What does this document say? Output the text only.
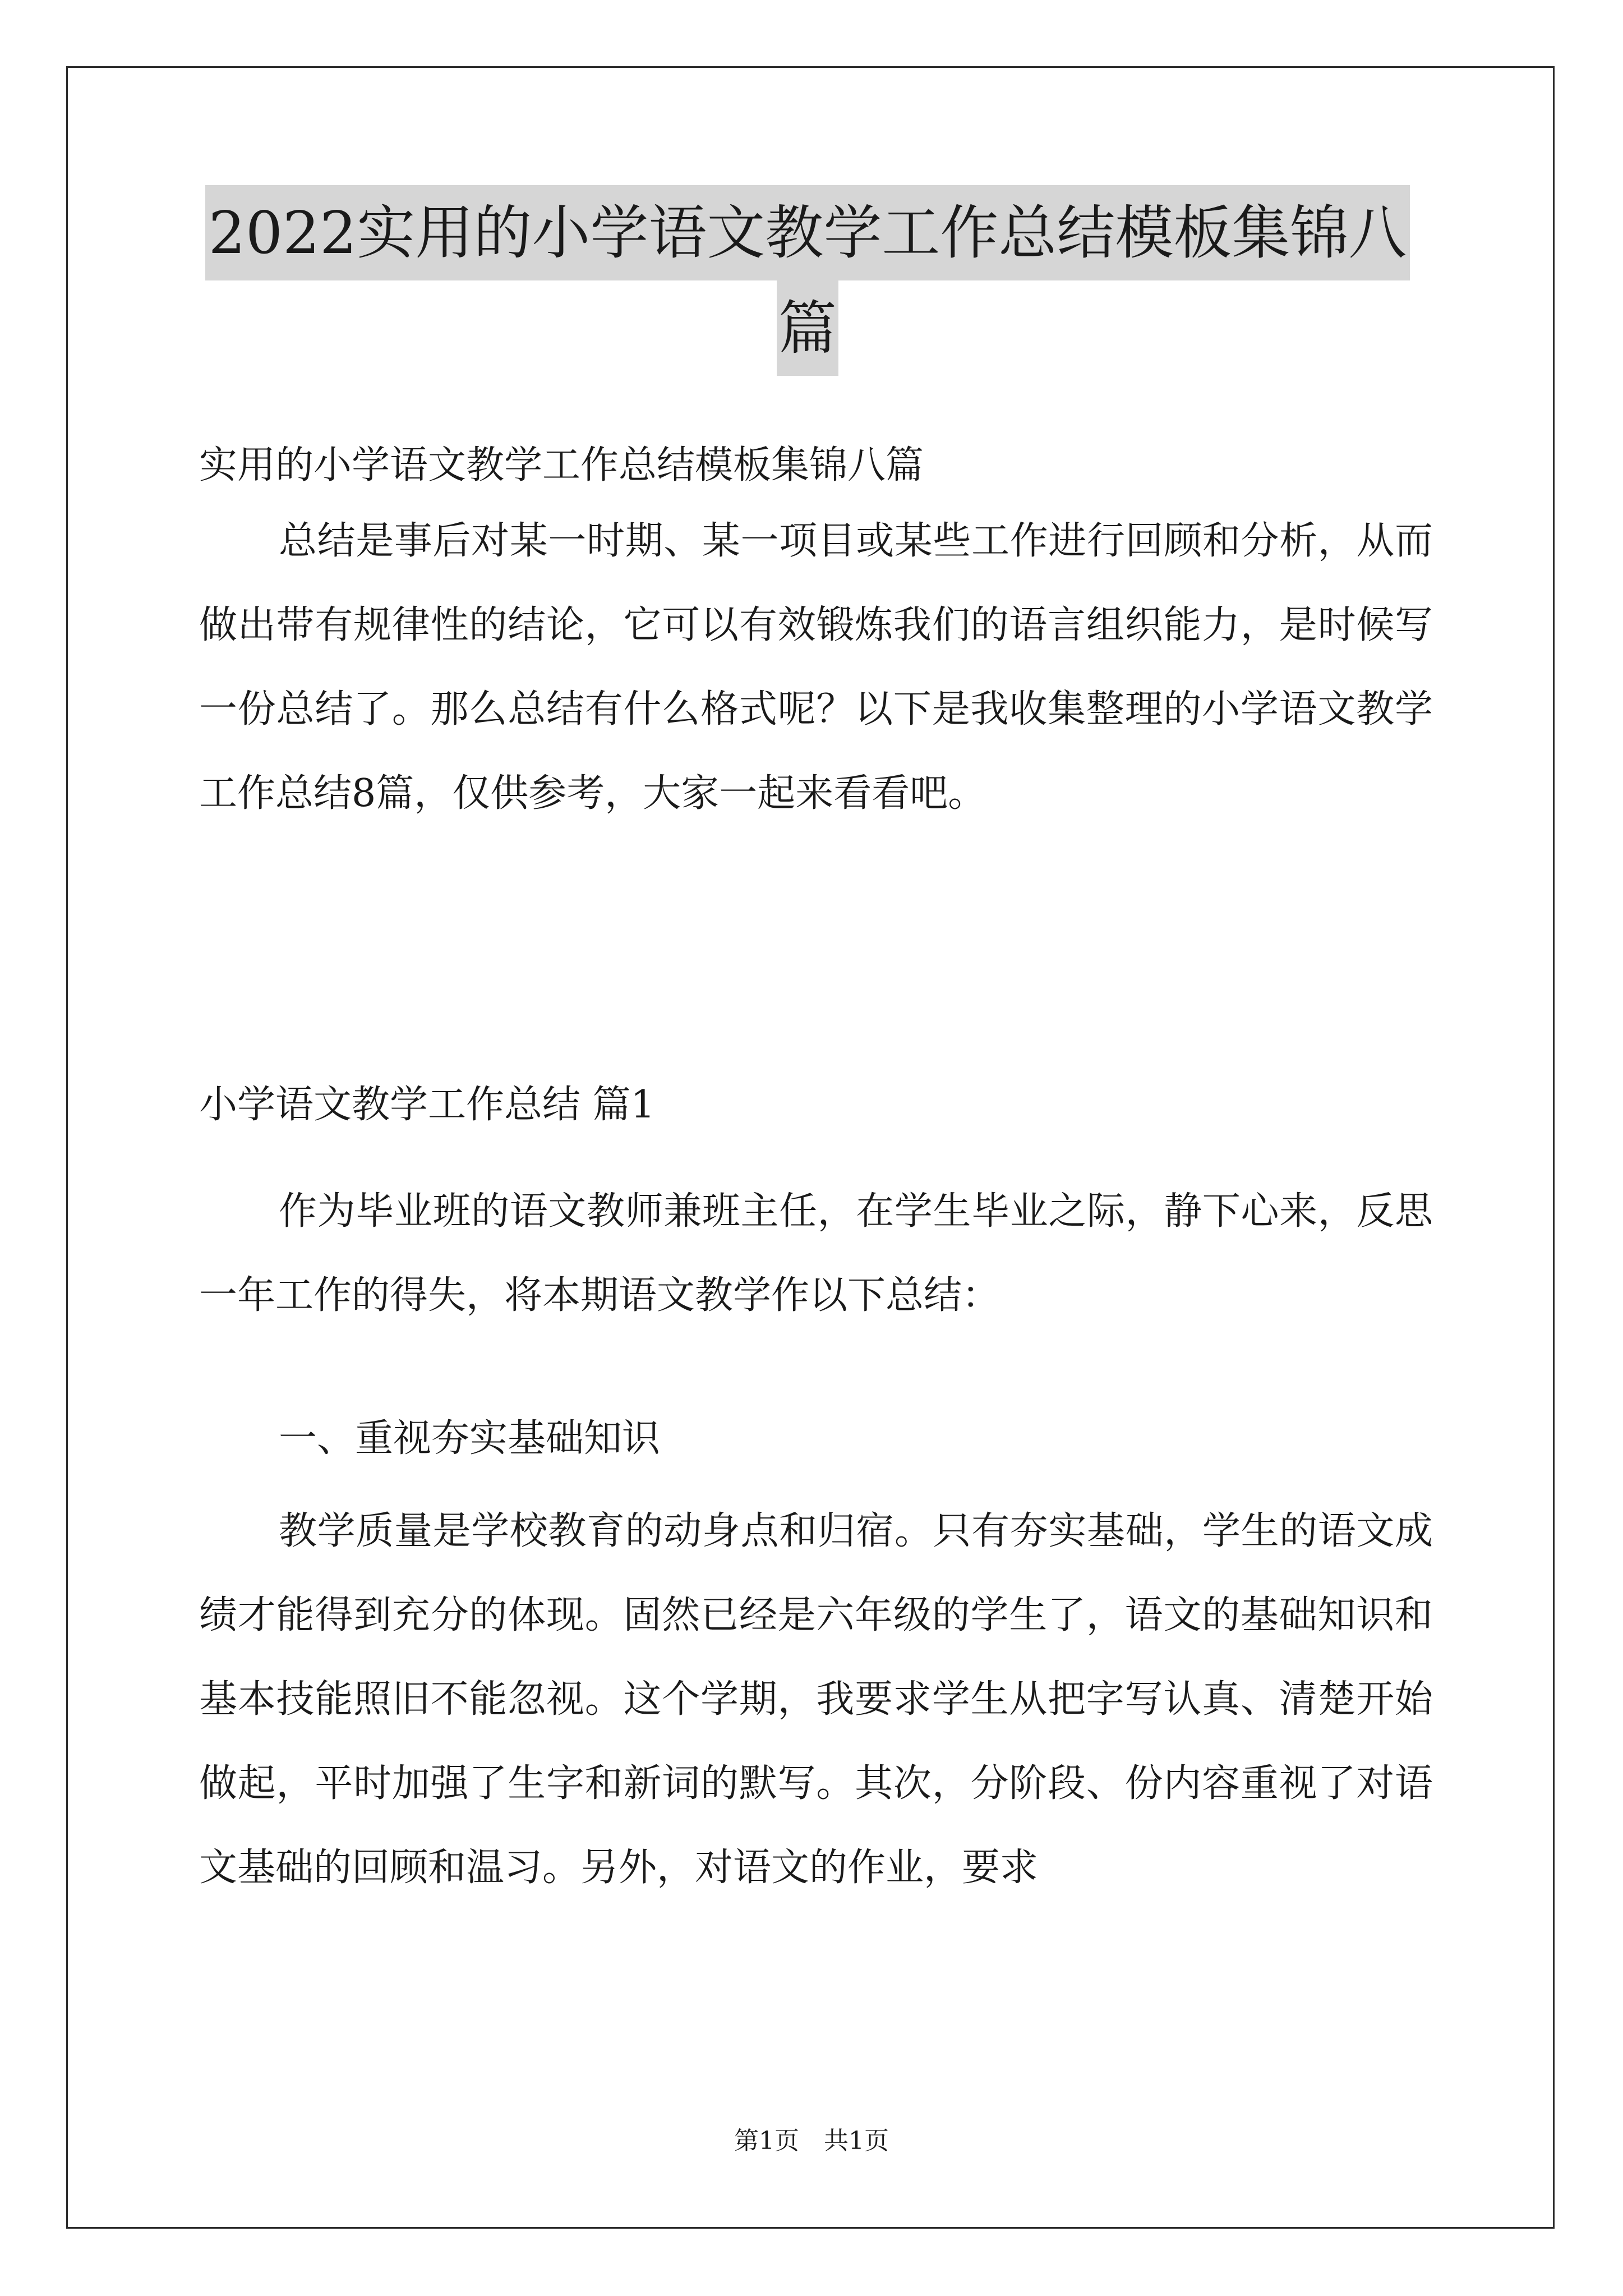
2022实用的小学语文教学工作总结模板集锦八
篇
实用的小学语文教学工作总结模板集锦八篇
总结是事后对某一时期、某一项目或某些工作进行回顾和分析，从而做出带有规律性的结论，它可以有效锻炼我们的语言组织能力，是时候写一份总结了。那么总结有什么格式呢？以下是我收集整理的小学语文教学工作总结8篇，仅供参考，大家一起来看看吧。
小学语文教学工作总结 篇1
作为毕业班的语文教师兼班主任，在学生毕业之际，静下心来，反思一年工作的得失，将本期语文教学作以下总结：
一、重视夯实基础知识
教学质量是学校教育的动身点和归宿。只有夯实基础，学生的语文成绩才能得到充分的体现。固然已经是六年级的学生了，语文的基础知识和基本技能照旧不能忽视。这个学期，我要求学生从把字写认真、清楚开始做起，平时加强了生字和新词的默写。其次，分阶段、份内容重视了对语文基础的回顾和温习。另外，对语文的作业，要求
第1页　共1页
